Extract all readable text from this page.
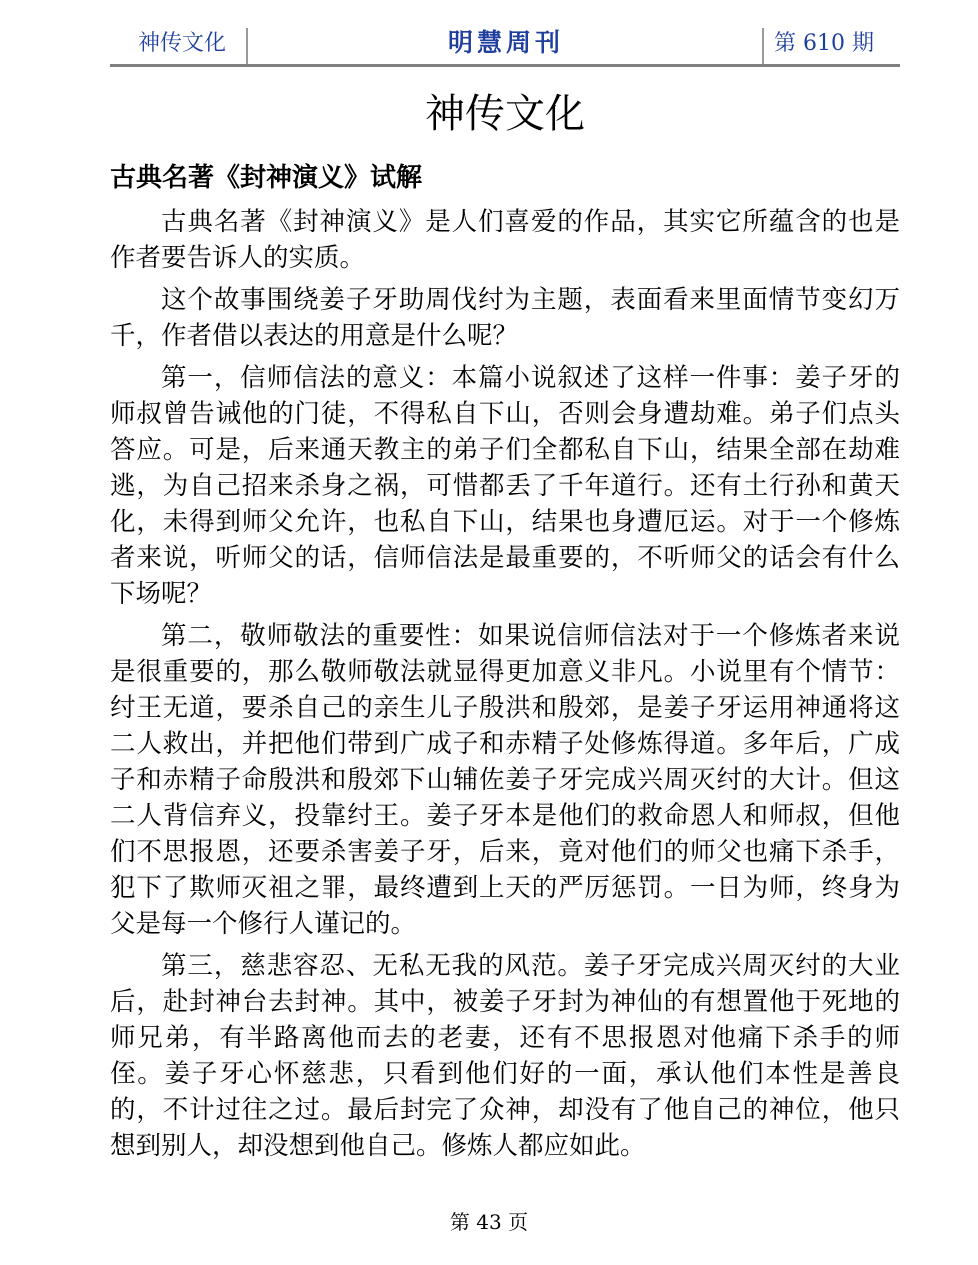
神传文化	明慧周刊	第 610 期
神传文化
古典名著《封神演义》试解

古典名著《封神演义》是人们喜爱的作品，其实它所蕴含的也是作者要告诉人的实质。

这个故事围绕姜子牙助周伐纣为主题，表面看来里面情节变幻万千，作者借以表达的用意是什么呢？

第一，信师信法的意义：本篇小说叙述了这样一件事：姜子牙的师叔曾告诫他的门徒，不得私自下山，否则会身遭劫难。弟子们点头答应。可是，后来通天教主的弟子们全都私自下山，结果全部在劫难逃，为自己招来杀身之祸，可惜都丢了千年道行。还有土行孙和黄天化，未得到师父允许，也私自下山，结果也身遭厄运。对于一个修炼者来说，听师父的话，信师信法是最重要的，不听师父的话会有什么下场呢？

第二，敬师敬法的重要性：如果说信师信法对于一个修炼者来说是很重要的，那么敬师敬法就显得更加意义非凡。小说里有个情节：纣王无道，要杀自己的亲生儿子殷洪和殷郊，是姜子牙运用神通将这二人救出，并把他们带到广成子和赤精子处修炼得道。多年后，广成子和赤精子命殷洪和殷郊下山辅佐姜子牙完成兴周灭纣的大计。但这二人背信弃义，投靠纣王。姜子牙本是他们的救命恩人和师叔，但他们不思报恩，还要杀害姜子牙，后来，竟对他们的师父也痛下杀手，犯下了欺师灭祖之罪，最终遭到上天的严厉惩罚。一日为师，终身为父是每一个修行人谨记的。

第三，慈悲容忍、无私无我的风范。姜子牙完成兴周灭纣的大业后，赴封神台去封神。其中，被姜子牙封为神仙的有想置他于死地的师兄弟，有半路离他而去的老妻，还有不思报恩对他痛下杀手的师侄。姜子牙心怀慈悲，只看到他们好的一面，承认他们本性是善良的，不计过往之过。最后封完了众神，却没有了他自己的神位，他只想到别人，却没想到他自己。修炼人都应如此。

第 43 页
